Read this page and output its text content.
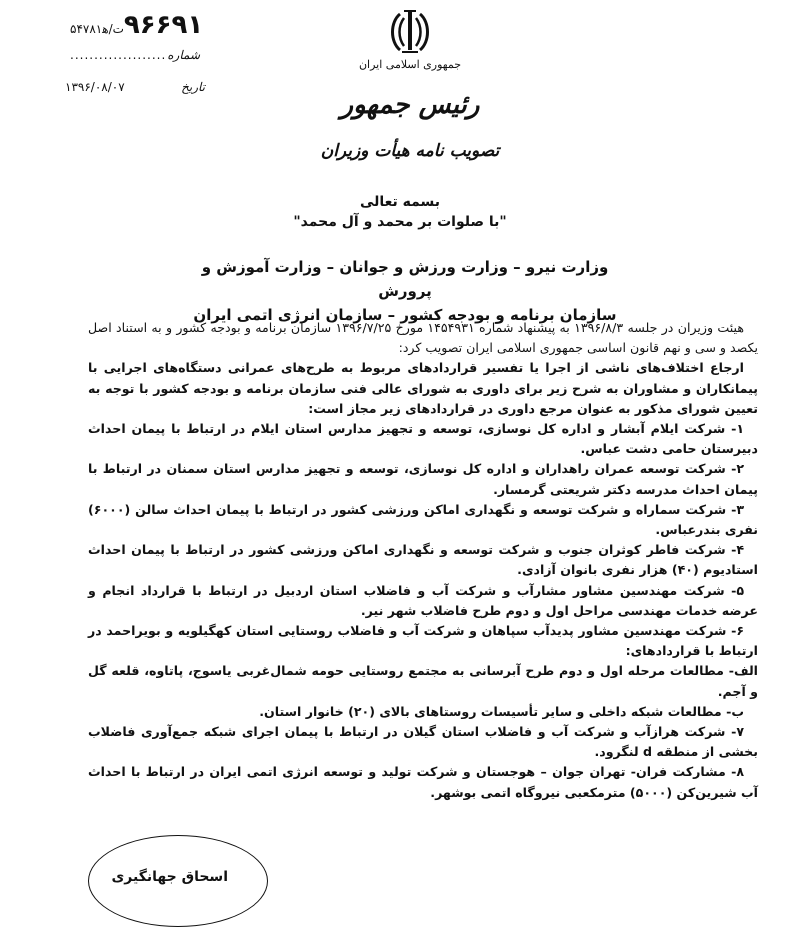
۵۴۷۸۱ت/ه‍ ۹۶۶۹۱
.................... شماره
۱۳۹۶/۰۸/۰۷	تاریخ
جمهوری اسلامی ایران
رئیس جمهور
تصویب نامه هیأت وزیران
بسمه تعالی
"با صلوات بر محمد و آل محمد"
وزارت نیرو – وزارت ورزش و جوانان – وزارت آموزش و پرورش
سازمان برنامه و بودجه کشور – سازمان انرژی اتمی ایران

هیئت وزیران در جلسه ۱۳۹۶/۸/۳ به پیشنهاد شماره ۱۴۵۴۹۳۱ مورخ ۱۳۹۶/۷/۲۵ سازمان برنامه و بودجه کشور و به استناد اصل یکصد و سی و نهم قانون اساسی جمهوری اسلامی ایران تصویب کرد:

ارجاع اختلاف‌های ناشی از اجرا یا تفسیر قراردادهای مربوط به طرح‌های عمرانی دستگاه‌های اجرایی با پیمانکاران و مشاوران به شرح زیر برای داوری به شورای عالی فنی سازمان برنامه و بودجه کشور با توجه به تعیین شورای مذکور به عنوان مرجع داوری در قراردادهای زیر مجاز است:

۱- شرکت ایلام آبشار و اداره کل نوسازی، توسعه و تجهیز مدارس استان ایلام در ارتباط با پیمان احداث دبیرستان حامی دشت عباس.

۲- شرکت توسعه عمران راهداران و اداره کل نوسازی، توسعه و تجهیز مدارس استان سمنان در ارتباط با پیمان احداث مدرسه دکتر شریعتی گرمسار.

۳- شرکت سماراه و شرکت توسعه و نگهداری اماکن ورزشی کشور در ارتباط با پیمان احداث سالن (۶۰۰۰) نفری بندرعباس.

۴- شرکت فاطر کوثران جنوب و شرکت توسعه و نگهداری اماکن ورزشی کشور در ارتباط با پیمان احداث استادیوم (۴۰) هزار نفری بانوان آزادی.

۵- شرکت مهندسین مشاور مشارآب و شرکت آب و فاضلاب استان اردبیل در ارتباط با قرارداد انجام و عرضه خدمات مهندسی مراحل اول و دوم طرح فاضلاب شهر نیر.

۶- شرکت مهندسین مشاور پدیدآب سپاهان و شرکت آب و فاضلاب روستایی استان کهگیلویه و بویراحمد در ارتباط با قراردادهای:

الف- مطالعات مرحله اول و دوم طرح آبرسانی به مجتمع روستایی حومه شمال‌غربی یاسوج، پاتاوه، قلعه گل و آجم.

ب- مطالعات شبکه داخلی و سایر تأسیسات روستاهای بالای (۲۰) خانوار استان.

۷- شرکت هرازآب و شرکت آب و فاضلاب استان گیلان در ارتباط با پیمان اجرای شبکه جمع‌آوری فاضلاب بخشی از منطقه d لنگرود.

۸- مشارکت فران- تهران جوان – هوجستان و شرکت تولید و توسعه انرژی اتمی ایران در ارتباط با احداث آب شیرین‌کن (۵۰۰۰) مترمکعبی نیروگاه اتمی بوشهر.

اسحاق جهانگیری
